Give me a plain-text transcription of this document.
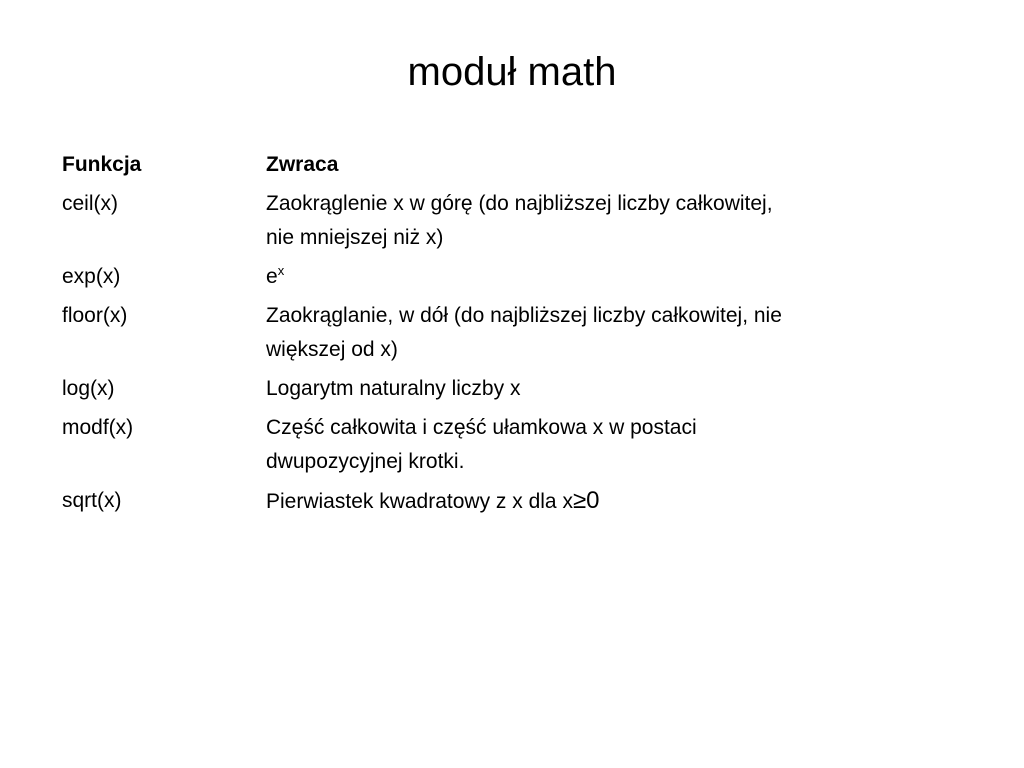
moduł math
Funkcja	Zwraca
ceil(x)	Zaokrąglenie x w górę (do najbliższej liczby całkowitej,
nie mniejszej niż x)
exp(x)	$e^x$
floor(x)	Zaokrąglanie, w dół (do najbliższej liczby całkowitej, nie
większej od x)
log(x)	Logarytm naturalny liczby x
modf(x)	Część całkowita i część ułamkowa x w postaci
dwupozycyjnej krotki.
sqrt(x)	Pierwiastek kwadratowy z x dla x≥0
